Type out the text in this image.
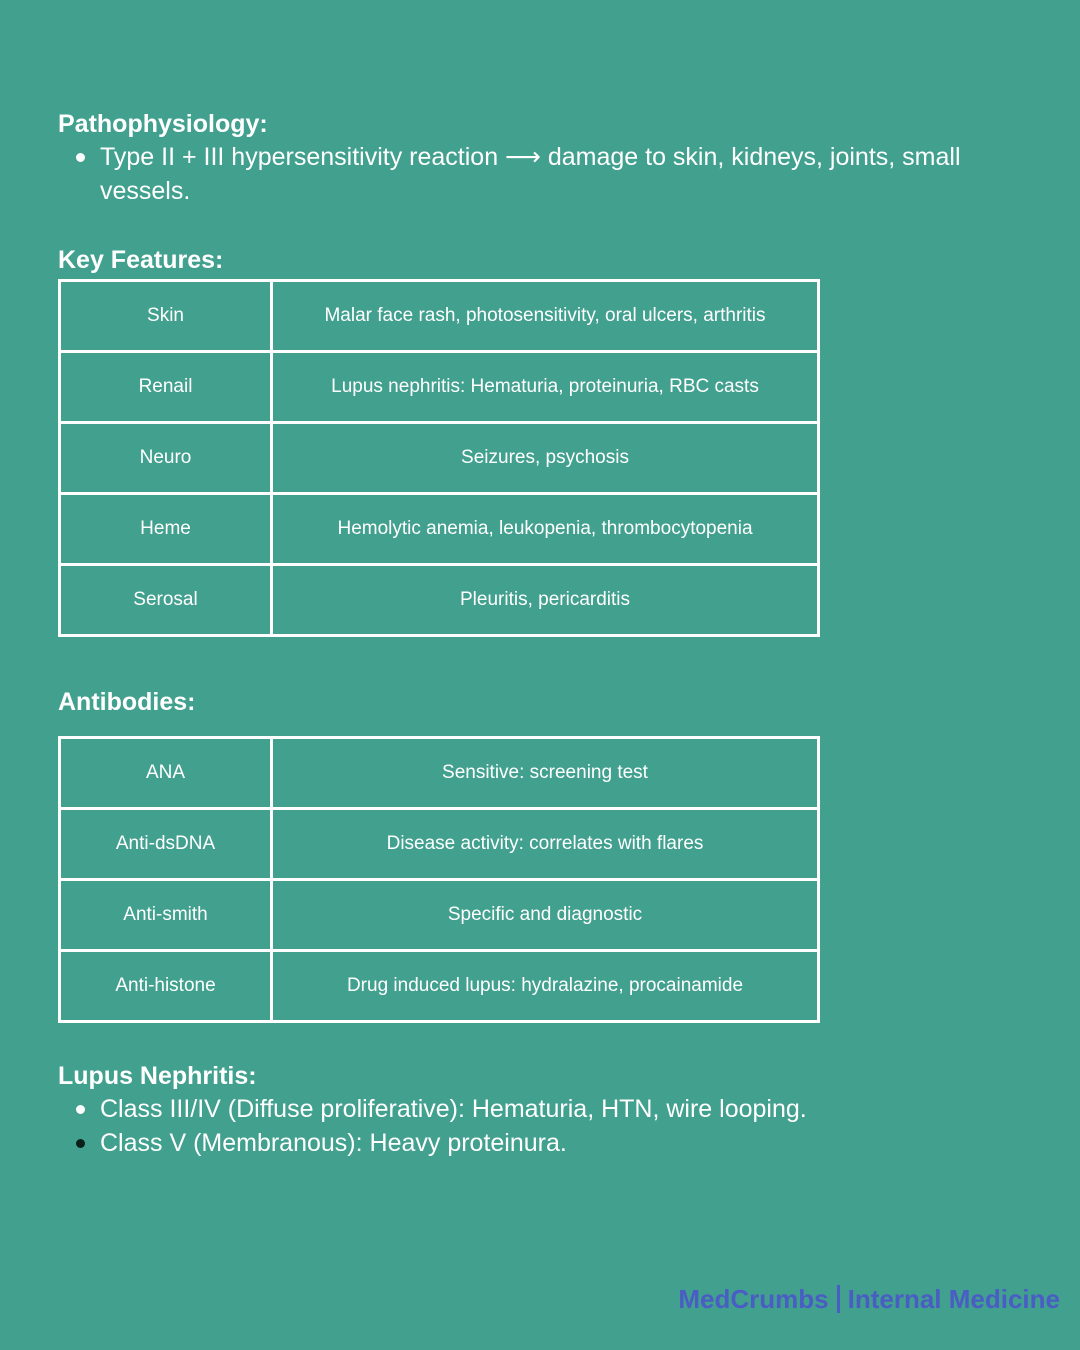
Pathophysiology:
Type II + III hypersensitivity reaction ⟶ damage to skin, kidneys, joints, small vessels.
Key Features:
Skin	Malar face rash, photosensitivity, oral ulcers, arthritis
Renail	Lupus nephritis: Hematuria, proteinuria, RBC casts
Neuro	Seizures, psychosis
Heme	Hemolytic anemia, leukopenia, thrombocytopenia
Serosal	Pleuritis, pericarditis
Antibodies:
ANA	Sensitive: screening test
Anti-dsDNA	Disease activity: correlates with flares
Anti-smith	Specific and diagnostic
Anti-histone	Drug induced lupus: hydralazine, procainamide
Lupus Nephritis:
Class III/IV (Diffuse proliferative): Hematuria, HTN, wire looping.
Class V (Membranous): Heavy proteinura.
MedCrumbs Internal Medicine
